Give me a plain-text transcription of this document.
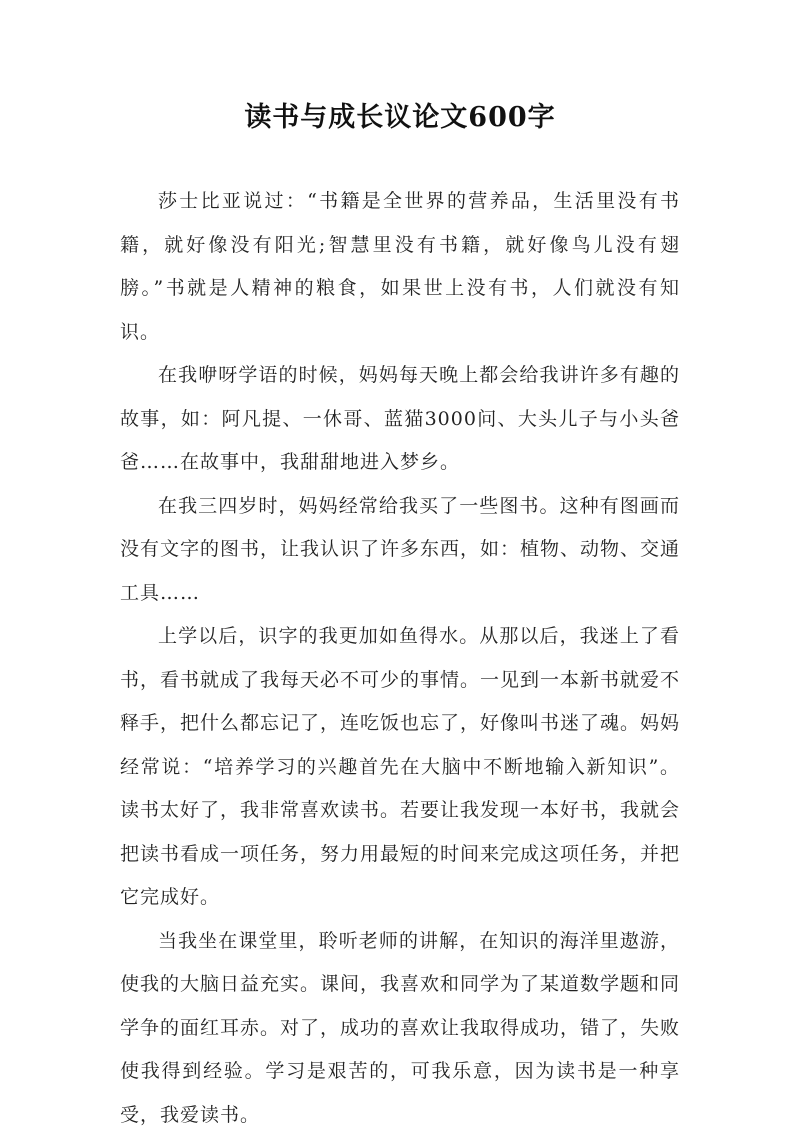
读书与成长议论文600字

莎士比亚说过：“书籍是全世界的营养品，生活里没有书籍，就好像没有阳光;智慧里没有书籍，就好像鸟儿没有翅膀。”书就是人精神的粮食，如果世上没有书，人们就没有知识。

在我咿呀学语的时候，妈妈每天晚上都会给我讲许多有趣的故事，如：阿凡提、一休哥、蓝猫3000问、大头儿子与小头爸爸……在故事中，我甜甜地进入梦乡。

在我三四岁时，妈妈经常给我买了一些图书。这种有图画而没有文字的图书，让我认识了许多东西，如：植物、动物、交通工具……

上学以后，识字的我更加如鱼得水。从那以后，我迷上了看书，看书就成了我每天必不可少的事情。一见到一本新书就爱不释手，把什么都忘记了，连吃饭也忘了，好像叫书迷了魂。妈妈经常说：“培养学习的兴趣首先在大脑中不断地输入新知识”。读书太好了，我非常喜欢读书。若要让我发现一本好书，我就会把读书看成一项任务，努力用最短的时间来完成这项任务，并把它完成好。

当我坐在课堂里，聆听老师的讲解，在知识的海洋里遨游，使我的大脑日益充实。课间，我喜欢和同学为了某道数学题和同学争的面红耳赤。对了，成功的喜欢让我取得成功，错了，失败使我得到经验。学习是艰苦的，可我乐意，因为读书是一种享受，我爱读书。
